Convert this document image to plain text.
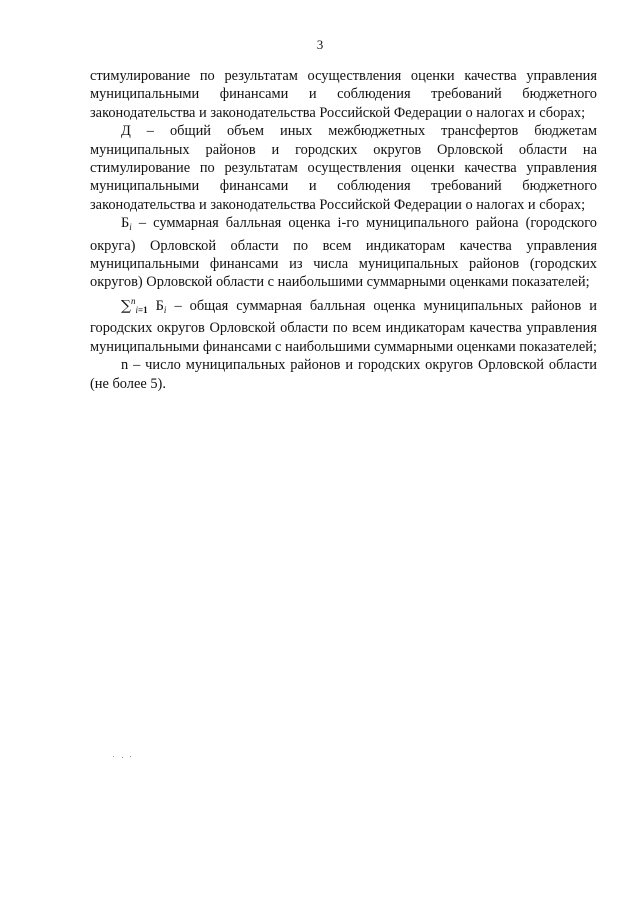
3

стимулирование по результатам осуществления оценки качества управления муниципальными финансами и соблюдения требований бюджетного законодательства и законодательства Российской Федерации о налогах и сборах;

Д – общий объем иных межбюджетных трансфертов бюджетам муниципальных районов и городских округов Орловской области на стимулирование по результатам осуществления оценки качества управления муниципальными финансами и соблюдения требований бюджетного законодательства и законодательства Российской Федерации о налогах и сборах;

$Б_i$ – суммарная балльная оценка i-го муниципального района (городского округа) Орловской области по всем индикаторам качества управления муниципальными финансами из числа муниципальных районов (городских округов) Орловской области с наибольшими суммарными оценками показателей;

∑$^n_{i=1}$ $Б_i$ – общая суммарная балльная оценка муниципальных районов и городских округов Орловской области по всем индикаторам качества управления муниципальными финансами с наибольшими суммарными оценками показателей;

n – число муниципальных районов и городских округов Орловской области (не более 5).
